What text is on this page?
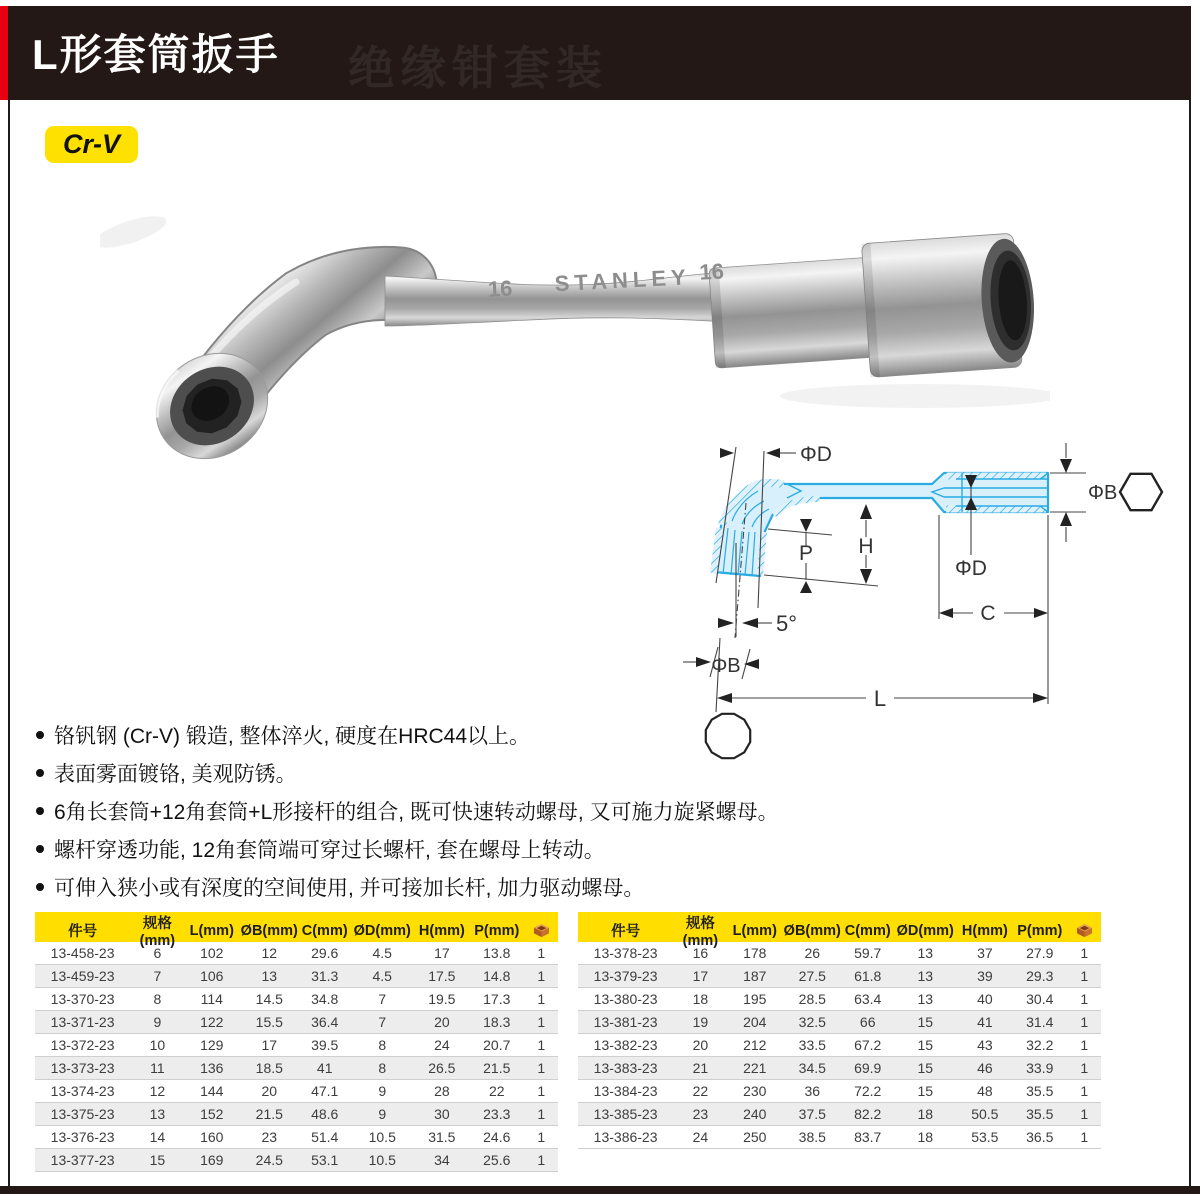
绝缘钳套装
L形套筒扳手
Cr-V
16 STANLEY 16
ΦD
ΦB
ΦD
H
P
C
5°
ΦB
L
铬钒钢 (Cr-V) 锻造, 整体淬火, 硬度在HRC44以上。
表面雾面镀铬, 美观防锈。
6角长套筒+12角套筒+L形接杆的组合, 既可快速转动螺母, 又可施力旋紧螺母。
螺杆穿透功能, 12角套筒端可穿过长螺杆, 套在螺母上转动。
可伸入狭小或有深度的空间使用, 并可接加长杆, 加力驱动螺母。
件号	规格(mm)
L(mm) ØB(mm) C(mm) ØD(mm) H(mm) P(mm)
13-458-23	6	102	12	29.6	4.5	17	13.8	1
13-459-23	7	106	13	31.3	4.5	17.5	14.8	1
13-370-23	8	114	14.5	34.8	7	19.5	17.3	1
13-371-23	9	122	15.5	36.4	7	20	18.3	1
13-372-23	10	129	17	39.5	8	24	20.7	1
13-373-23	11	136	18.5	41	8	26.5	21.5	1
13-374-23	12	144	20	47.1	9	28	22	1
13-375-23	13	152	21.5	48.6	9	30	23.3	1
13-376-23	14	160	23	51.4	10.5	31.5	24.6	1
13-377-23	15	169	24.5	53.1	10.5	34	25.6	1
件号	规格(mm)
L(mm) ØB(mm) C(mm) ØD(mm) H(mm) P(mm)
13-378-23	16	178	26	59.7	13	37	27.9	1
13-379-23	17	187	27.5	61.8	13	39	29.3	1
13-380-23	18	195	28.5	63.4	13	40	30.4	1
13-381-23	19	204	32.5	66	15	41	31.4	1
13-382-23	20	212	33.5	67.2	15	43	32.2	1
13-383-23	21	221	34.5	69.9	15	46	33.9	1
13-384-23	22	230	36	72.2	15	48	35.5	1
13-385-23	23	240	37.5	82.2	18	50.5	35.5	1
13-386-23	24	250	38.5	83.7	18	53.5	36.5	1
